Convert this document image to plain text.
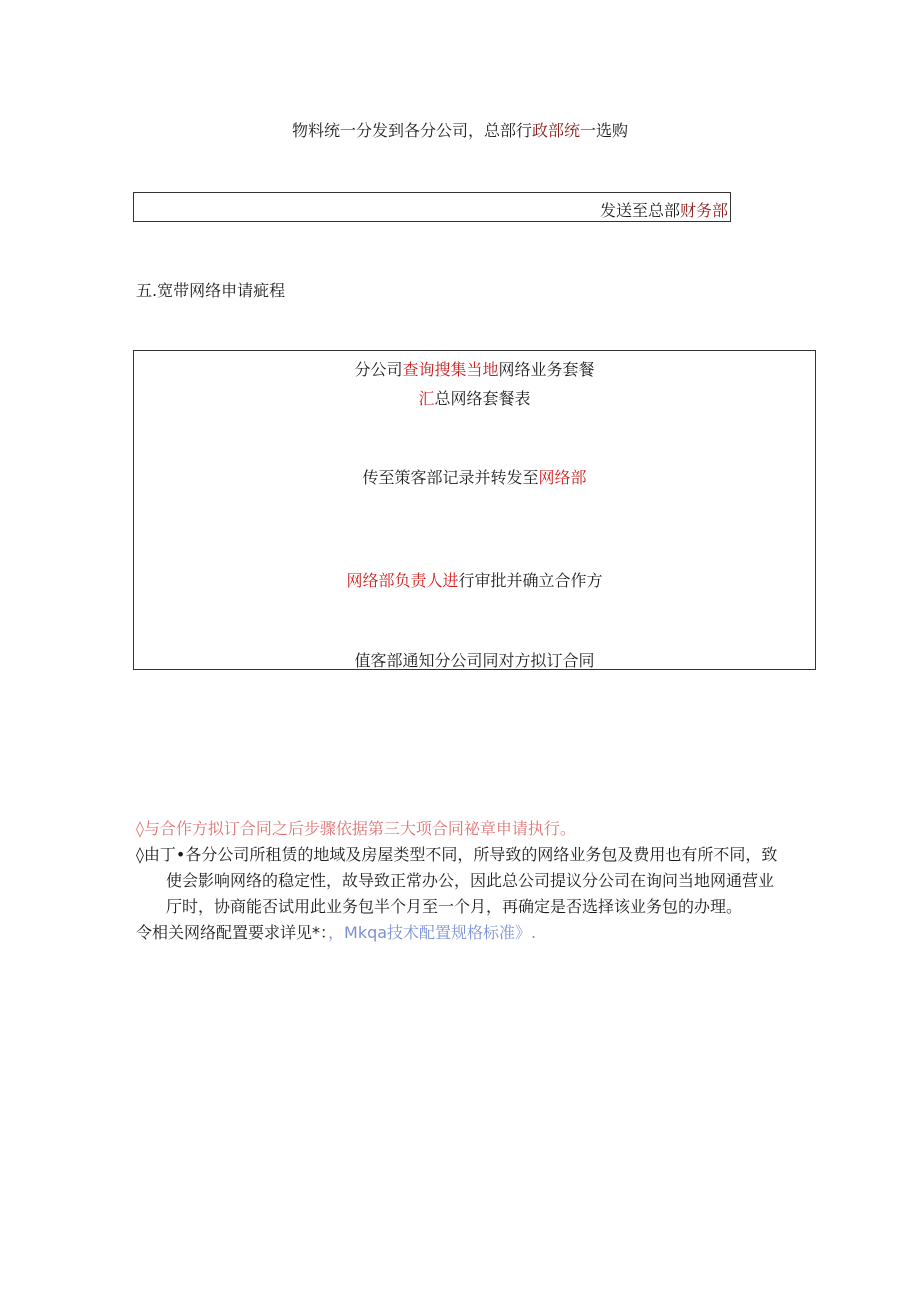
物料统一分发到各分公司，总部行政部统一选购
发送至总部财务部
五.宽带网络申请疵程
分公司查询搜集当地网络业务套餐
汇总网络套餐表
传至策客部记录并转发至网络部
网络部负责人进行审批并确立合作方
值客部通知分公司同对方拟订合同
◊与合作方拟订合同之后步骤依据第三大项合同祕章申请执行。
◊由丁•各分公司所租赁的地域及房屋类型不同，所导致的网络业务包及费用也有所不同，致
使会影响网络的稳定性，故导致正常办公，因此总公司提议分公司在询问当地网通营业
厅时，协商能否试用此业务包半个月至一个月，再确定是否选择该业务包的办理。
令相关网络配置要求详见*：，Mkqa技术配置规格标准》.
